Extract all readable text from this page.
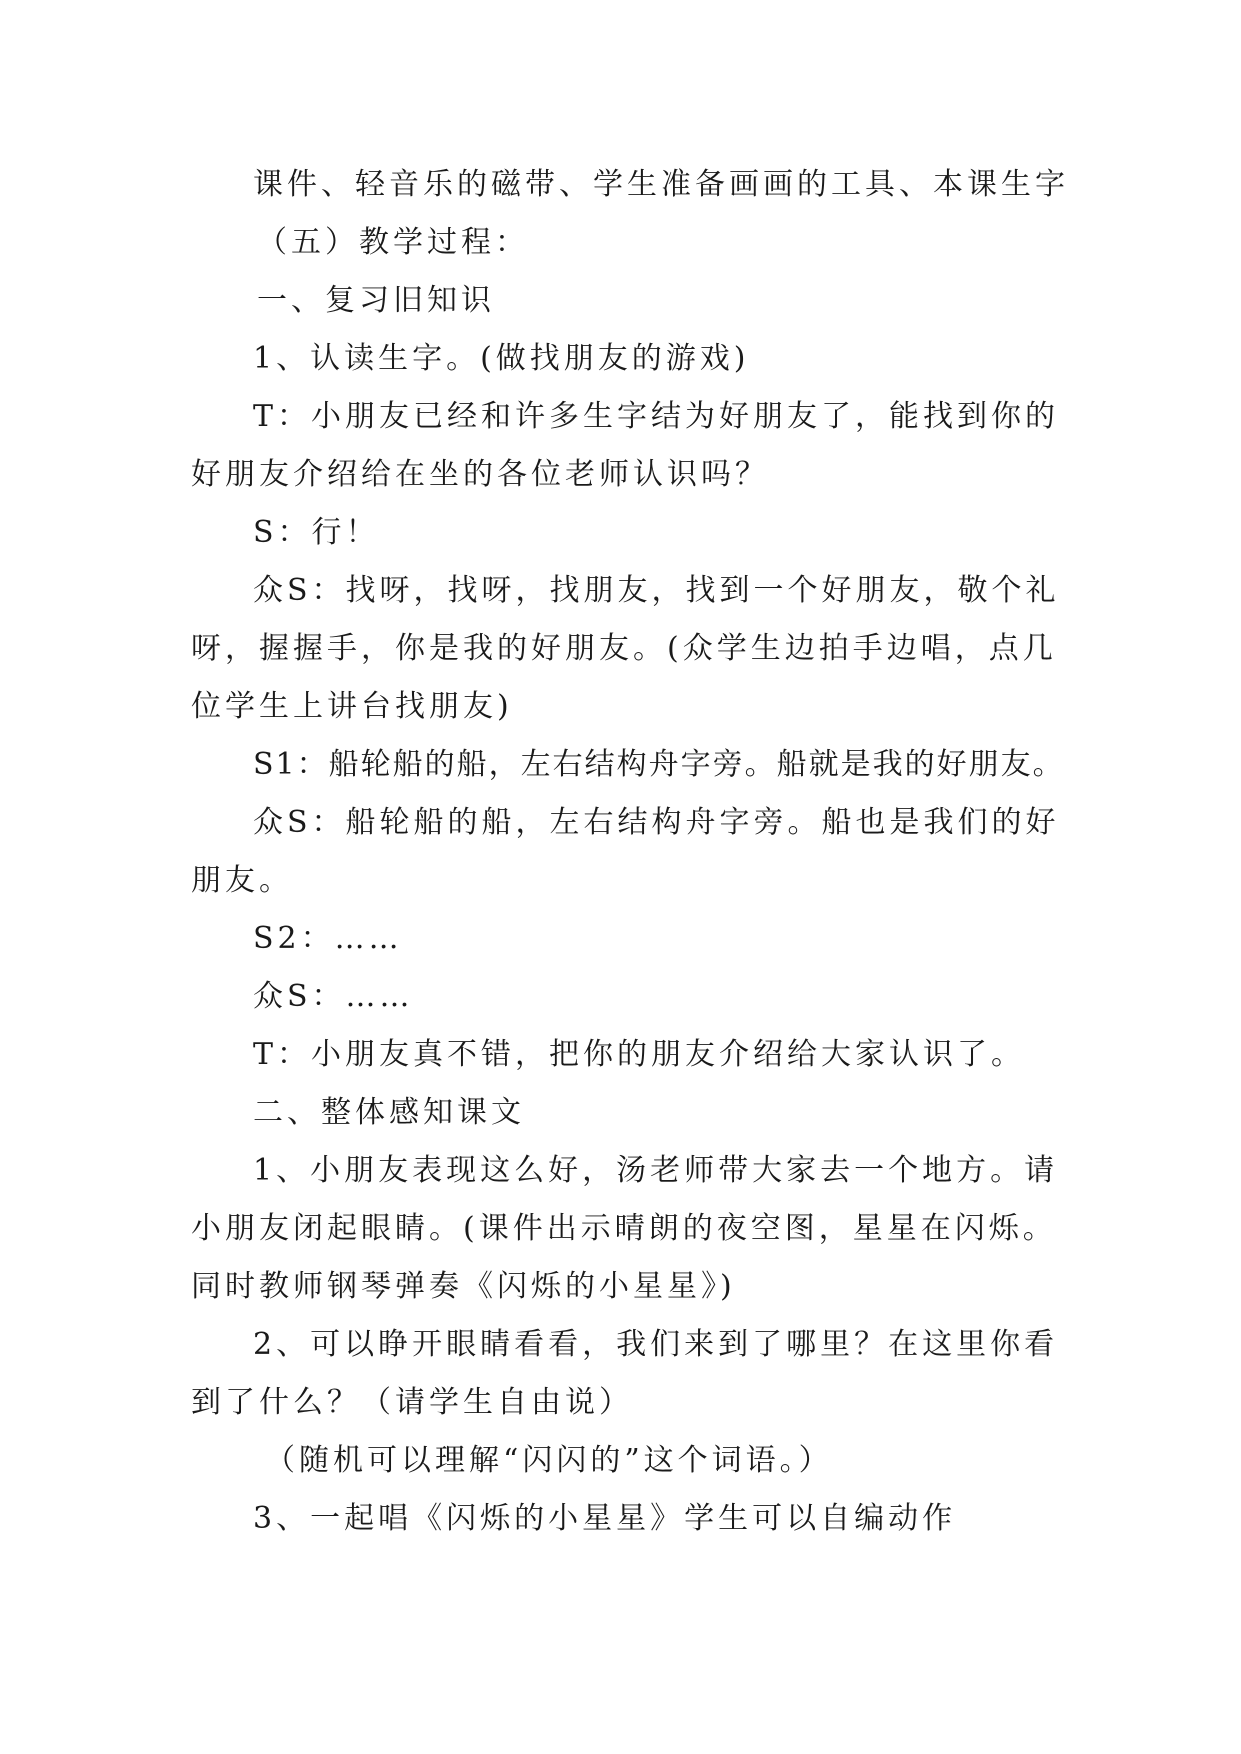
课件、轻音乐的磁带、学生准备画画的工具、本课生字
（五）教学过程：
一、复习旧知识
1、认读生字。(做找朋友的游戏)
T：小朋友已经和许多生字结为好朋友了，能找到你的
好朋友介绍给在坐的各位老师认识吗？
S：行！
众S：找呀，找呀，找朋友，找到一个好朋友，敬个礼
呀，握握手，你是我的好朋友。(众学生边拍手边唱，点几
位学生上讲台找朋友)
S1：船轮船的船，左右结构舟字旁。船就是我的好朋友。
众S：船轮船的船，左右结构舟字旁。船也是我们的好
朋友。
S2：……
众S：……
T：小朋友真不错，把你的朋友介绍给大家认识了。
二、整体感知课文
1、小朋友表现这么好，汤老师带大家去一个地方。请
小朋友闭起眼睛。(课件出示晴朗的夜空图，星星在闪烁。
同时教师钢琴弹奏《闪烁的小星星》)
2、可以睁开眼睛看看，我们来到了哪里？在这里你看
到了什么？（请学生自由说）
（随机可以理解“闪闪的”这个词语。）
3、一起唱《闪烁的小星星》学生可以自编动作
